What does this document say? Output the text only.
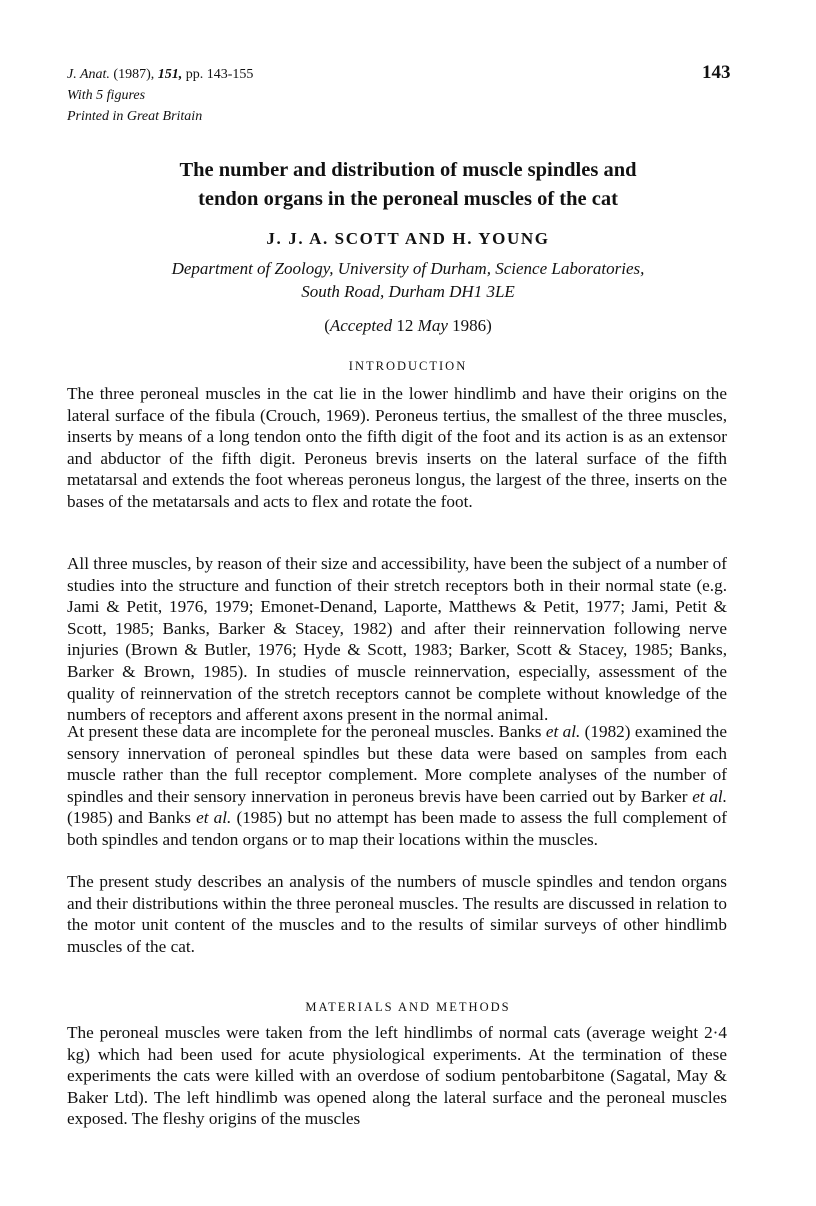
J. Anat. (1987), 151, pp. 143-155
With 5 figures
Printed in Great Britain
143
The number and distribution of muscle spindles and
tendon organs in the peroneal muscles of the cat
J. J. A. SCOTT AND H. YOUNG
Department of Zoology, University of Durham, Science Laboratories,
South Road, Durham DH1 3LE
(Accepted 12 May 1986)
INTRODUCTION

The three peroneal muscles in the cat lie in the lower hindlimb and have their origins on the lateral surface of the fibula (Crouch, 1969). Peroneus tertius, the smallest of the three muscles, inserts by means of a long tendon onto the fifth digit of the foot and its action is as an extensor and abductor of the fifth digit. Peroneus brevis inserts on the lateral surface of the fifth metatarsal and extends the foot whereas peroneus longus, the largest of the three, inserts on the bases of the metatarsals and acts to flex and rotate the foot.

All three muscles, by reason of their size and accessibility, have been the subject of a number of studies into the structure and function of their stretch receptors both in their normal state (e.g. Jami & Petit, 1976, 1979; Emonet-Denand, Laporte, Matthews & Petit, 1977; Jami, Petit & Scott, 1985; Banks, Barker & Stacey, 1982) and after their reinnervation following nerve injuries (Brown & Butler, 1976; Hyde & Scott, 1983; Barker, Scott & Stacey, 1985; Banks, Barker & Brown, 1985). In studies of muscle reinnervation, especially, assessment of the quality of reinnervation of the stretch receptors cannot be complete without knowledge of the numbers of receptors and afferent axons present in the normal animal.

At present these data are incomplete for the peroneal muscles. Banks et al. (1982) examined the sensory innervation of peroneal spindles but these data were based on samples from each muscle rather than the full receptor complement. More complete analyses of the number of spindles and their sensory innervation in peroneus brevis have been carried out by Barker et al. (1985) and Banks et al. (1985) but no attempt has been made to assess the full complement of both spindles and tendon organs or to map their locations within the muscles.

The present study describes an analysis of the numbers of muscle spindles and tendon organs and their distributions within the three peroneal muscles. The results are discussed in relation to the motor unit content of the muscles and to the results of similar surveys of other hindlimb muscles of the cat.

MATERIALS AND METHODS

The peroneal muscles were taken from the left hindlimbs of normal cats (average weight 2·4 kg) which had been used for acute physiological experiments. At the termination of these experiments the cats were killed with an overdose of sodium pentobarbitone (Sagatal, May & Baker Ltd). The left hindlimb was opened along the lateral surface and the peroneal muscles exposed. The fleshy origins of the muscles
